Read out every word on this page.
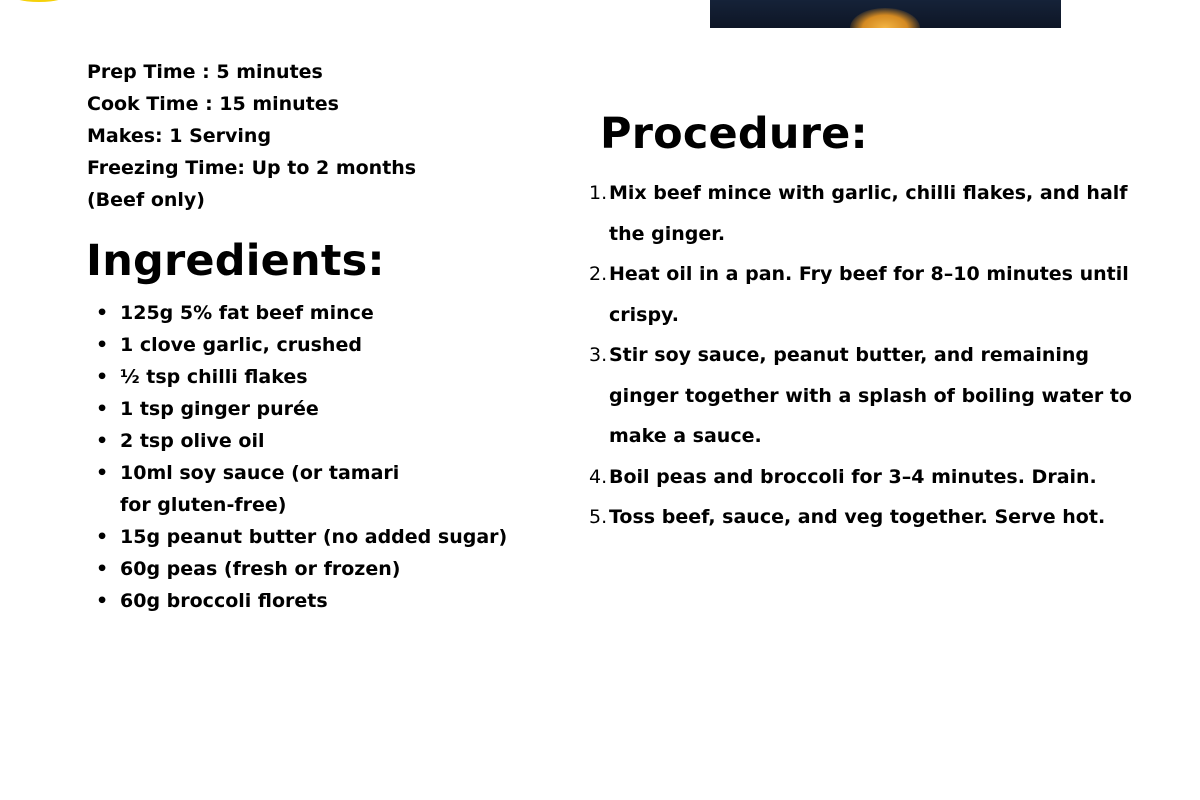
Prep Time : 5 minutes
Cook Time : 15 minutes
Makes: 1 Serving
Freezing Time: Up to 2 months (Beef only)
Ingredients:
• 125g 5% fat beef mince
• 1 clove garlic, crushed
• ½ tsp chilli flakes
• 1 tsp ginger purée
• 2 tsp olive oil
• 10ml soy sauce (or tamari for gluten-free)
• 15g peanut butter (no added sugar)
• 60g peas (fresh or frozen)
• 60g broccoli florets
Procedure:
1. Mix beef mince with garlic, chilli flakes, and half the ginger.
2. Heat oil in a pan. Fry beef for 8–10 minutes until crispy.
3. Stir soy sauce, peanut butter, and remaining ginger together with a splash of boiling water to make a sauce.
4. Boil peas and broccoli for 3–4 minutes. Drain.
5. Toss beef, sauce, and veg together. Serve hot.
